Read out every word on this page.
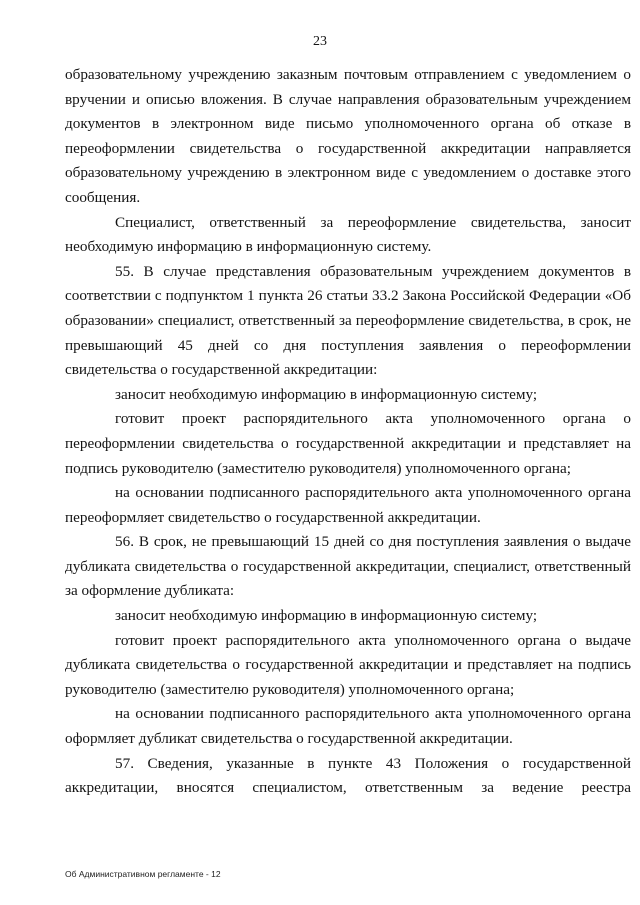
23

образовательному учреждению заказным почтовым отправлением с уведомлением о вручении и описью вложения. В случае направления образовательным учреждением документов в электронном виде письмо уполномоченного органа об отказе в переоформлении свидетельства о государственной аккредитации направляется образовательному учреждению в электронном виде с уведомлением о доставке этого сообщения.

Специалист, ответственный за переоформление свидетельства, заносит необходимую информацию в информационную систему.

55. В случае представления образовательным учреждением документов в соответствии с подпунктом 1 пункта 26 статьи 33.2 Закона Российской Федерации «Об образовании» специалист, ответственный за переоформление свидетельства, в срок, не превышающий 45 дней со дня поступления заявления о переоформлении свидетельства о государственной аккредитации:

заносит необходимую информацию в информационную систему;

готовит проект распорядительного акта уполномоченного органа о переоформлении свидетельства о государственной аккредитации и представляет на подпись руководителю (заместителю руководителя) уполномоченного органа;

на основании подписанного распорядительного акта уполномоченного органа переоформляет свидетельство о государственной аккредитации.

56. В срок, не превышающий 15 дней со дня поступления заявления о выдаче дубликата свидетельства о государственной аккредитации, специалист, ответственный за оформление дубликата:

заносит необходимую информацию в информационную систему;

готовит проект распорядительного акта уполномоченного органа о выдаче дубликата свидетельства о государственной аккредитации и представляет на подпись руководителю (заместителю руководителя) уполномоченного органа;

на основании подписанного распорядительного акта уполномоченного органа оформляет дубликат свидетельства о государственной аккредитации.

57. Сведения, указанные в пункте 43 Положения о государственной аккредитации, вносятся специалистом, ответственным за ведение реестра

Об Административном регламенте - 12
